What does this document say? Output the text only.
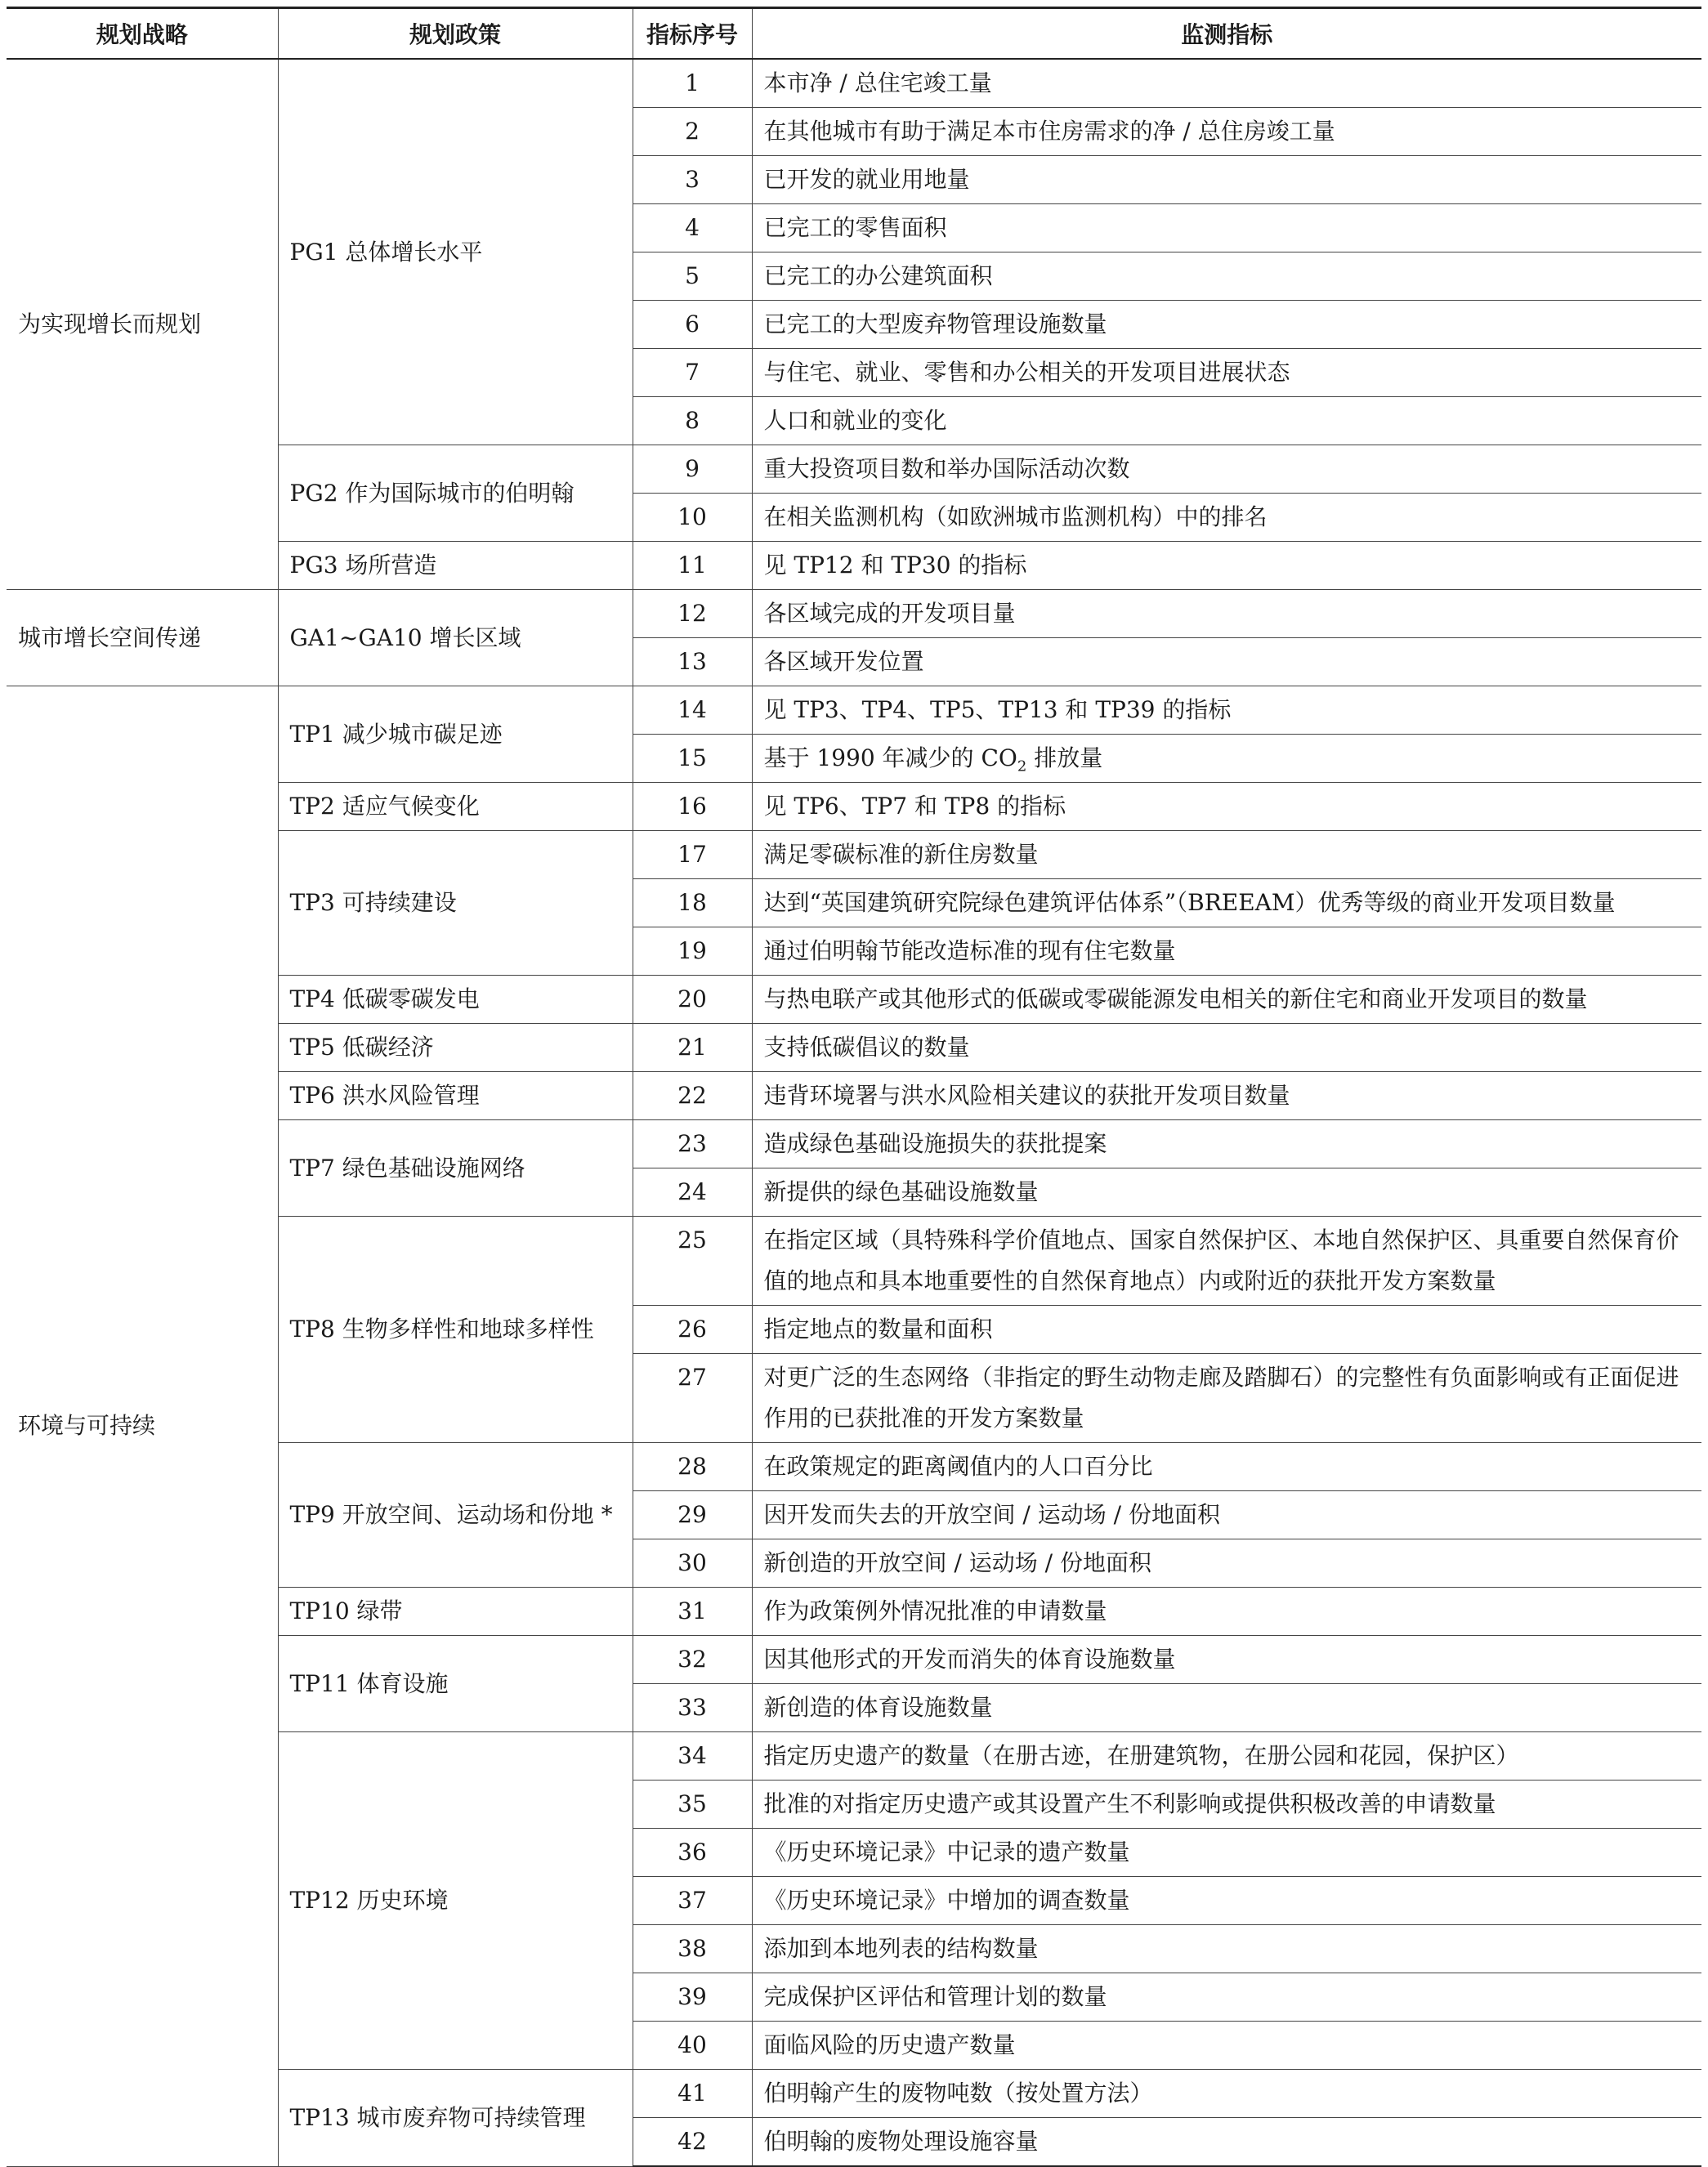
规划战略	规划政策	指标序号	监测指标
为实现增长而规划	PG1 总体增长水平	1	本市净 / 总住宅竣工量
		2	在其他城市有助于满足本市住房需求的净 / 总住房竣工量
		3	已开发的就业用地量
		4	已完工的零售面积
		5	已完工的办公建筑面积
		6	已完工的大型废弃物管理设施数量
		7	与住宅、就业、零售和办公相关的开发项目进展状态
		8	人口和就业的变化
	PG2 作为国际城市的伯明翰	9	重大投资项目数和举办国际活动次数
		10	在相关监测机构（如欧洲城市监测机构）中的排名
	PG3 场所营造	11	见 TP12 和 TP30 的指标
城市增长空间传递	GA1~GA10 增长区域	12	各区域完成的开发项目量
		13	各区域开发位置
环境与可持续	TP1 减少城市碳足迹	14	见 TP3、TP4、TP5、TP13 和 TP39 的指标
		15	基于 1990 年减少的 $CO_2$ 排放量
	TP2 适应气候变化	16	见 TP6、TP7 和 TP8 的指标
	TP3 可持续建设	17	满足零碳标准的新住房数量
		18	达到“英国建筑研究院绿色建筑评估体系”（BREEAM）优秀等级的商业开发项目数量
		19	通过伯明翰节能改造标准的现有住宅数量
	TP4 低碳零碳发电	20	与热电联产或其他形式的低碳或零碳能源发电相关的新住宅和商业开发项目的数量
	TP5 低碳经济	21	支持低碳倡议的数量
	TP6 洪水风险管理	22	违背环境署与洪水风险相关建议的获批开发项目数量
	TP7 绿色基础设施网络	23	造成绿色基础设施损失的获批提案
		24	新提供的绿色基础设施数量
	TP8 生物多样性和地球多样性	25	在指定区域（具特殊科学价值地点、国家自然保护区、本地自然保护区、具重要自然保育价值的地点和具本地重要性的自然保育地点）内或附近的获批开发方案数量
		26	指定地点的数量和面积
		27	对更广泛的生态网络（非指定的野生动物走廊及踏脚石）的完整性有负面影响或有正面促进作用的已获批准的开发方案数量
	TP9 开放空间、运动场和份地 *	28	在政策规定的距离阈值内的人口百分比
		29	因开发而失去的开放空间 / 运动场 / 份地面积
		30	新创造的开放空间 / 运动场 / 份地面积
	TP10 绿带	31	作为政策例外情况批准的申请数量
	TP11 体育设施	32	因其他形式的开发而消失的体育设施数量
		33	新创造的体育设施数量
	TP12 历史环境	34	指定历史遗产的数量（在册古迹，在册建筑物，在册公园和花园，保护区）
		35	批准的对指定历史遗产或其设置产生不利影响或提供积极改善的申请数量
		36	《历史环境记录》中记录的遗产数量
		37	《历史环境记录》中增加的调查数量
		38	添加到本地列表的结构数量
		39	完成保护区评估和管理计划的数量
		40	面临风险的历史遗产数量
	TP13 城市废弃物可持续管理	41	伯明翰产生的废物吨数（按处置方法）
		42	伯明翰的废物处理设施容量
